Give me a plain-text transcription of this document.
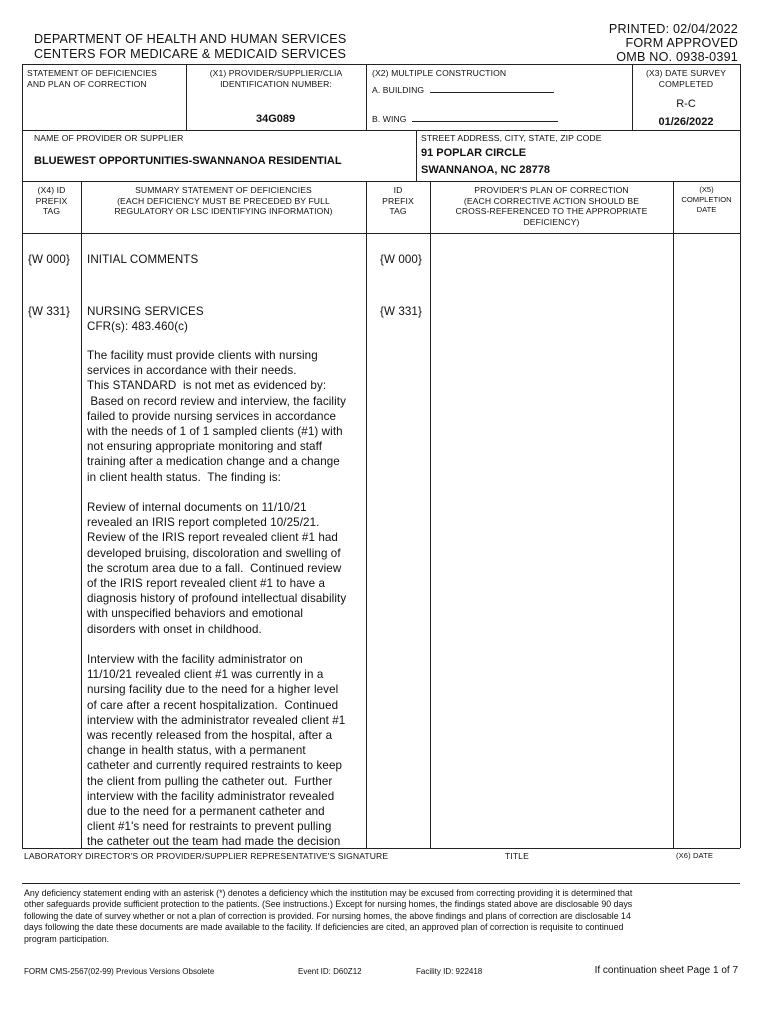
PRINTED: 02/04/2022
FORM APPROVED
OMB NO. 0938-0391
DEPARTMENT OF HEALTH AND HUMAN SERVICES
CENTERS FOR MEDICARE & MEDICAID SERVICES
STATEMENT OF DEFICIENCIES
AND PLAN OF CORRECTION
(X1) PROVIDER/SUPPLIER/CLIA
IDENTIFICATION NUMBER:
34G089
(X2) MULTIPLE CONSTRUCTION
A. BUILDING
B. WING
(X3) DATE SURVEY
COMPLETED
R-C
01/26/2022
NAME OF PROVIDER OR SUPPLIER
BLUEWEST OPPORTUNITIES-SWANNANOA RESIDENTIAL
STREET ADDRESS, CITY, STATE, ZIP CODE
91 POPLAR CIRCLE
SWANNANOA, NC 28778
(X4) ID
PREFIX
TAG
SUMMARY STATEMENT OF DEFICIENCIES
(EACH DEFICIENCY MUST BE PRECEDED BY FULL
REGULATORY OR LSC IDENTIFYING INFORMATION)
ID
PREFIX
TAG
PROVIDER'S PLAN OF CORRECTION
(EACH CORRECTIVE ACTION SHOULD BE
CROSS-REFERENCED TO THE APPROPRIATE
DEFICIENCY)
(X5)
COMPLETION
DATE
{W 000} INITIAL COMMENTS	{W 000}
{W 331} NURSING SERVICES
CFR(s): 483.460(c)
{W 331}
The facility must provide clients with nursing
services in accordance with their needs.
This STANDARD  is not met as evidenced by:
Based on record review and interview, the facility
failed to provide nursing services in accordance
with the needs of 1 of 1 sampled clients (#1) with
not ensuring appropriate monitoring and staff
training after a medication change and a change
in client health status.  The finding is:
Review of internal documents on 11/10/21
revealed an IRIS report completed 10/25/21.
Review of the IRIS report revealed client #1 had
developed bruising, discoloration and swelling of
the scrotum area due to a fall.  Continued review
of the IRIS report revealed client #1 to have a
diagnosis history of profound intellectual disability
with unspecified behaviors and emotional
disorders with onset in childhood.
Interview with the facility administrator on
11/10/21 revealed client #1 was currently in a
nursing facility due to the need for a higher level
of care after a recent hospitalization.  Continued
interview with the administrator revealed client #1
was recently released from the hospital, after a
change in health status, with a permanent
catheter and currently required restraints to keep
the client from pulling the catheter out.  Further
interview with the facility administrator revealed
due to the need for a permanent catheter and
client #1's need for restraints to prevent pulling
the catheter out the team had made the decision
LABORATORY DIRECTOR'S OR PROVIDER/SUPPLIER REPRESENTATIVE'S SIGNATURE	TITLE	(X6) DATE
Any deficiency statement ending with an asterisk (*) denotes a deficiency which the institution may be excused from correcting providing it is determined that
other safeguards provide sufficient protection to the patients. (See instructions.) Except for nursing homes, the findings stated above are disclosable 90 days
following the date of survey whether or not a plan of correction is provided. For nursing homes, the above findings and plans of correction are disclosable 14
days following the date these documents are made available to the facility. If deficiencies are cited, an approved plan of correction is requisite to continued
program participation.
FORM CMS-2567(02-99) Previous Versions Obsolete	Event ID: D60Z12	Facility ID: 922418	If continuation sheet Page 1 of 7
